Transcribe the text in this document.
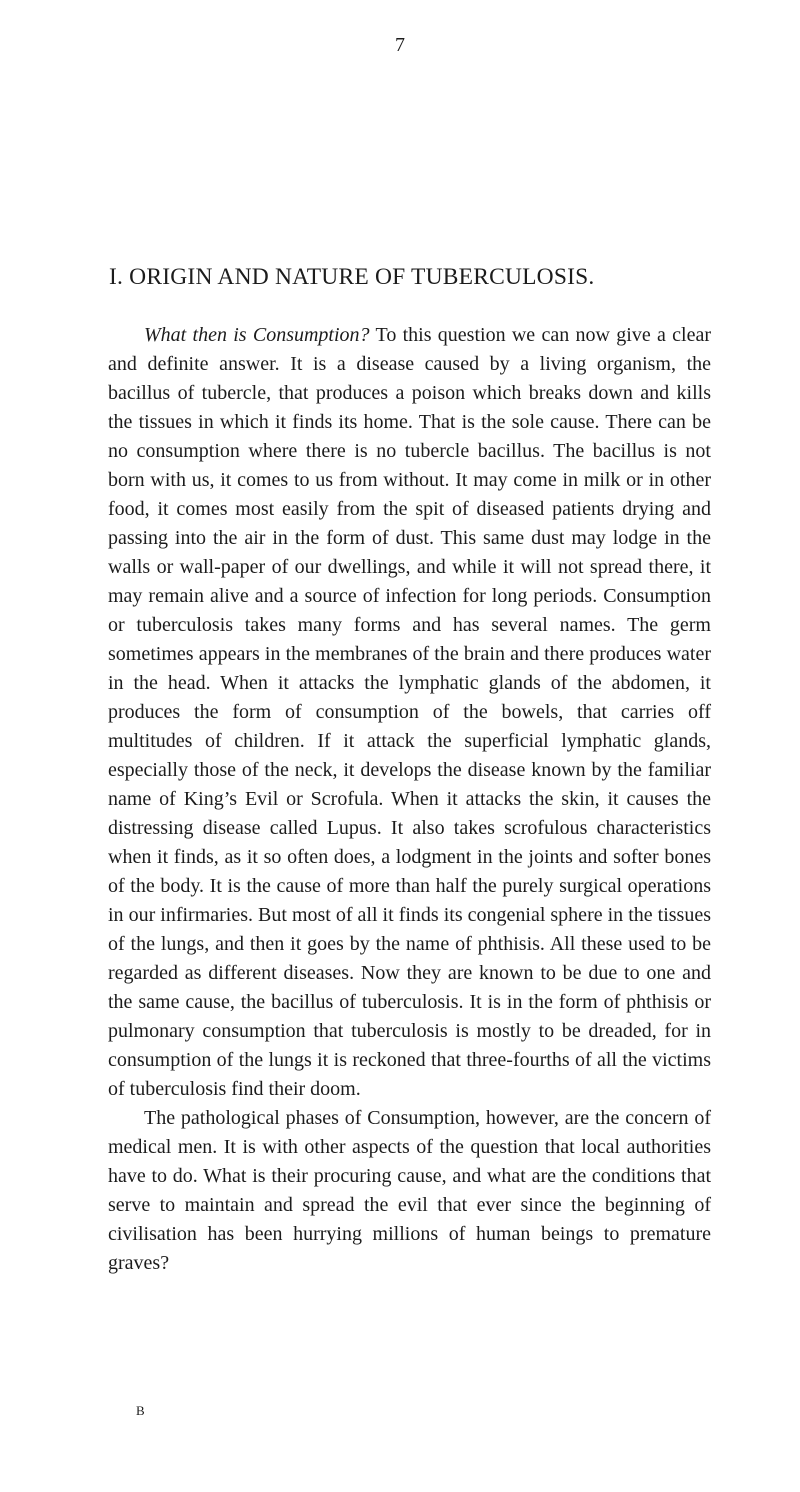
7
I. ORIGIN AND NATURE OF TUBERCULOSIS.

What then is Consumption? To this question we can now give a clear and definite answer. It is a disease caused by a living organism, the bacillus of tubercle, that produces a poison which breaks down and kills the tissues in which it finds its home. That is the sole cause. There can be no consumption where there is no tubercle bacillus. The bacillus is not born with us, it comes to us from without. It may come in milk or in other food, it comes most easily from the spit of diseased patients drying and passing into the air in the form of dust. This same dust may lodge in the walls or wall-paper of our dwellings, and while it will not spread there, it may remain alive and a source of infection for long periods. Consumption or tuberculosis takes many forms and has several names. The germ sometimes appears in the membranes of the brain and there produces water in the head. When it attacks the lymphatic glands of the abdomen, it produces the form of consumption of the bowels, that carries off multitudes of children. If it attack the superficial lymphatic glands, especially those of the neck, it develops the disease known by the familiar name of King’s Evil or Scrofula. When it attacks the skin, it causes the distressing disease called Lupus. It also takes scrofulous characteristics when it finds, as it so often does, a lodgment in the joints and softer bones of the body. It is the cause of more than half the purely surgical operations in our infirmaries. But most of all it finds its congenial sphere in the tissues of the lungs, and then it goes by the name of phthisis. All these used to be regarded as different diseases. Now they are known to be due to one and the same cause, the bacillus of tuberculosis. It is in the form of phthisis or pulmonary consumption that tuberculosis is mostly to be dreaded, for in consumption of the lungs it is reckoned that three-fourths of all the victims of tuberculosis find their doom.

The pathological phases of Consumption, however, are the concern of medical men. It is with other aspects of the question that local authorities have to do. What is their procuring cause, and what are the conditions that serve to maintain and spread the evil that ever since the beginning of civilisation has been hurrying millions of human beings to premature graves?

B
